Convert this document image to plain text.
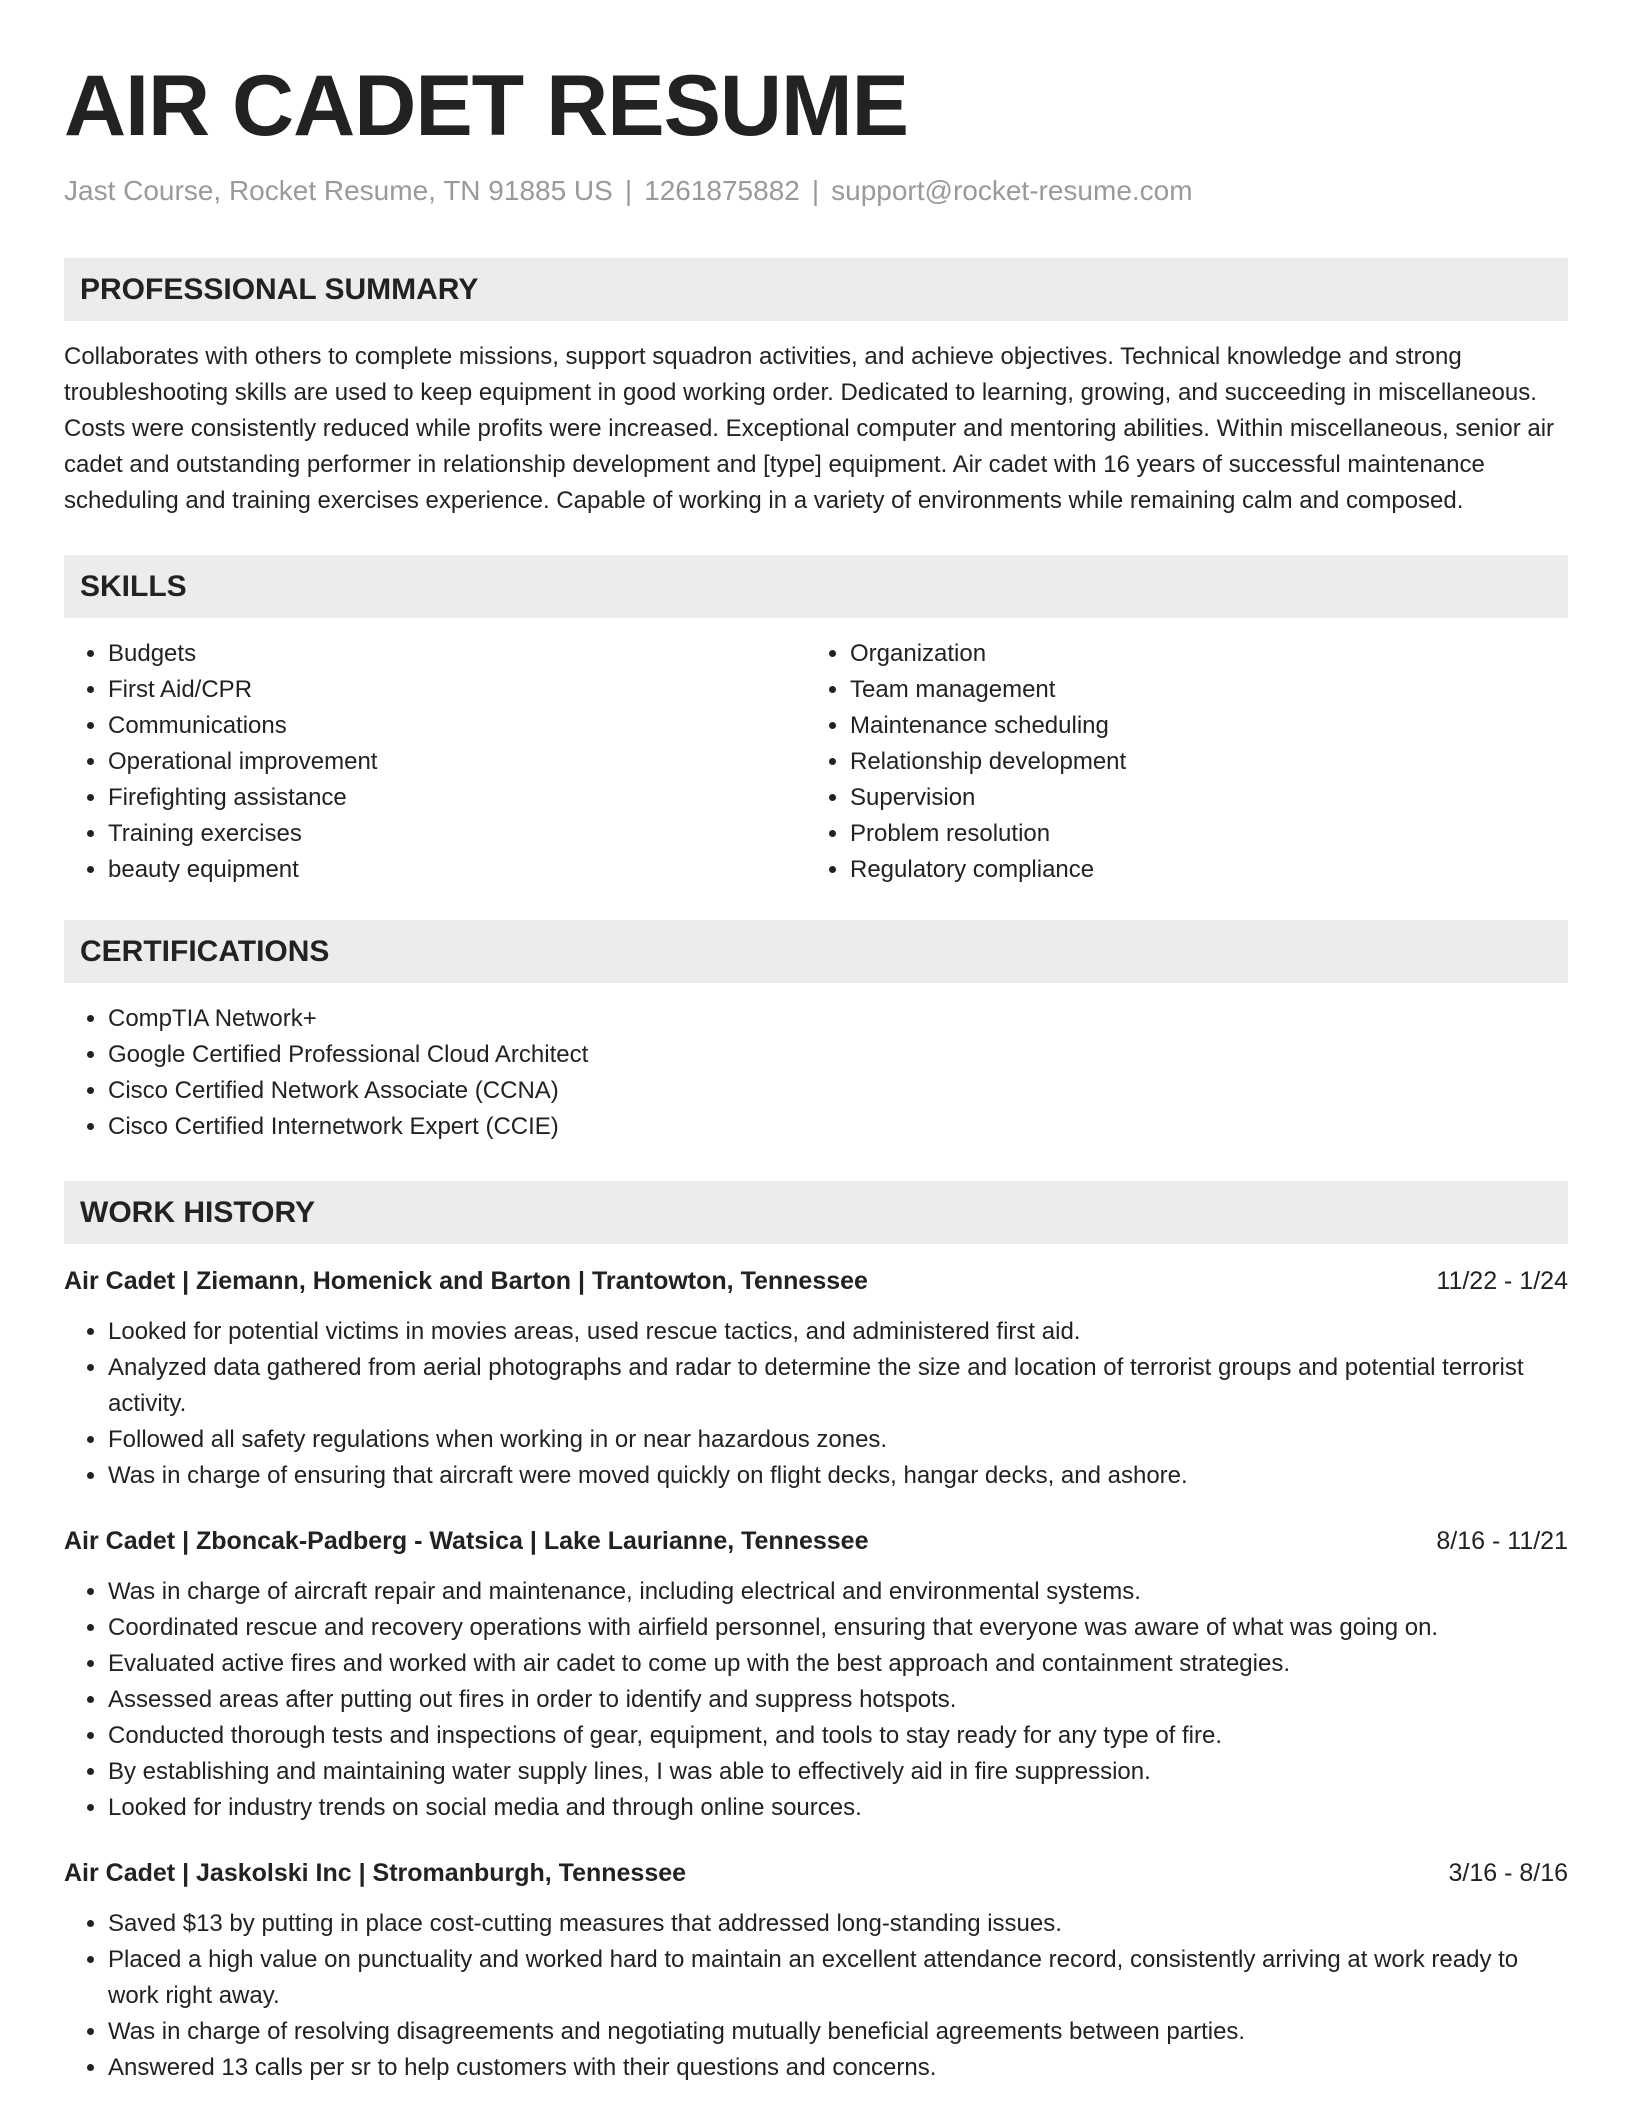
AIR CADET RESUME
Jast Course, Rocket Resume, TN 91885 US | 1261875882 | support@rocket-resume.com
PROFESSIONAL SUMMARY

Collaborates with others to complete missions, support squadron activities, and achieve objectives. Technical knowledge and strong troubleshooting skills are used to keep equipment in good working order. Dedicated to learning, growing, and succeeding in miscellaneous. Costs were consistently reduced while profits were increased. Exceptional computer and mentoring abilities. Within miscellaneous, senior air cadet and outstanding performer in relationship development and [type] equipment. Air cadet with 16 years of successful maintenance scheduling and training exercises experience. Capable of working in a variety of environments while remaining calm and composed.

SKILLS
• Budgets
• First Aid/CPR
• Communications
• Operational improvement
• Firefighting assistance
• Training exercises
• beauty equipment
• Organization
• Team management
• Maintenance scheduling
• Relationship development
• Supervision
• Problem resolution
• Regulatory compliance
CERTIFICATIONS
• CompTIA Network+
• Google Certified Professional Cloud Architect
• Cisco Certified Network Associate (CCNA)
• Cisco Certified Internetwork Expert (CCIE)
WORK HISTORY
Air Cadet | Ziemann, Homenick and Barton | Trantowton, Tennessee	11/22 - 1/24
• Looked for potential victims in movies areas, used rescue tactics, and administered first aid.
• Analyzed data gathered from aerial photographs and radar to determine the size and location of terrorist groups and potential terrorist activity.
• Followed all safety regulations when working in or near hazardous zones.
• Was in charge of ensuring that aircraft were moved quickly on flight decks, hangar decks, and ashore.
Air Cadet | Zboncak-Padberg - Watsica | Lake Laurianne, Tennessee	8/16 - 11/21
• Was in charge of aircraft repair and maintenance, including electrical and environmental systems.
• Coordinated rescue and recovery operations with airfield personnel, ensuring that everyone was aware of what was going on.
• Evaluated active fires and worked with air cadet to come up with the best approach and containment strategies.
• Assessed areas after putting out fires in order to identify and suppress hotspots.
• Conducted thorough tests and inspections of gear, equipment, and tools to stay ready for any type of fire.
• By establishing and maintaining water supply lines, I was able to effectively aid in fire suppression.
• Looked for industry trends on social media and through online sources.
Air Cadet | Jaskolski Inc | Stromanburgh, Tennessee	3/16 - 8/16
• Saved $13 by putting in place cost-cutting measures that addressed long-standing issues.
• Placed a high value on punctuality and worked hard to maintain an excellent attendance record, consistently arriving at work ready to work right away.
• Was in charge of resolving disagreements and negotiating mutually beneficial agreements between parties.
• Answered 13 calls per sr to help customers with their questions and concerns.
